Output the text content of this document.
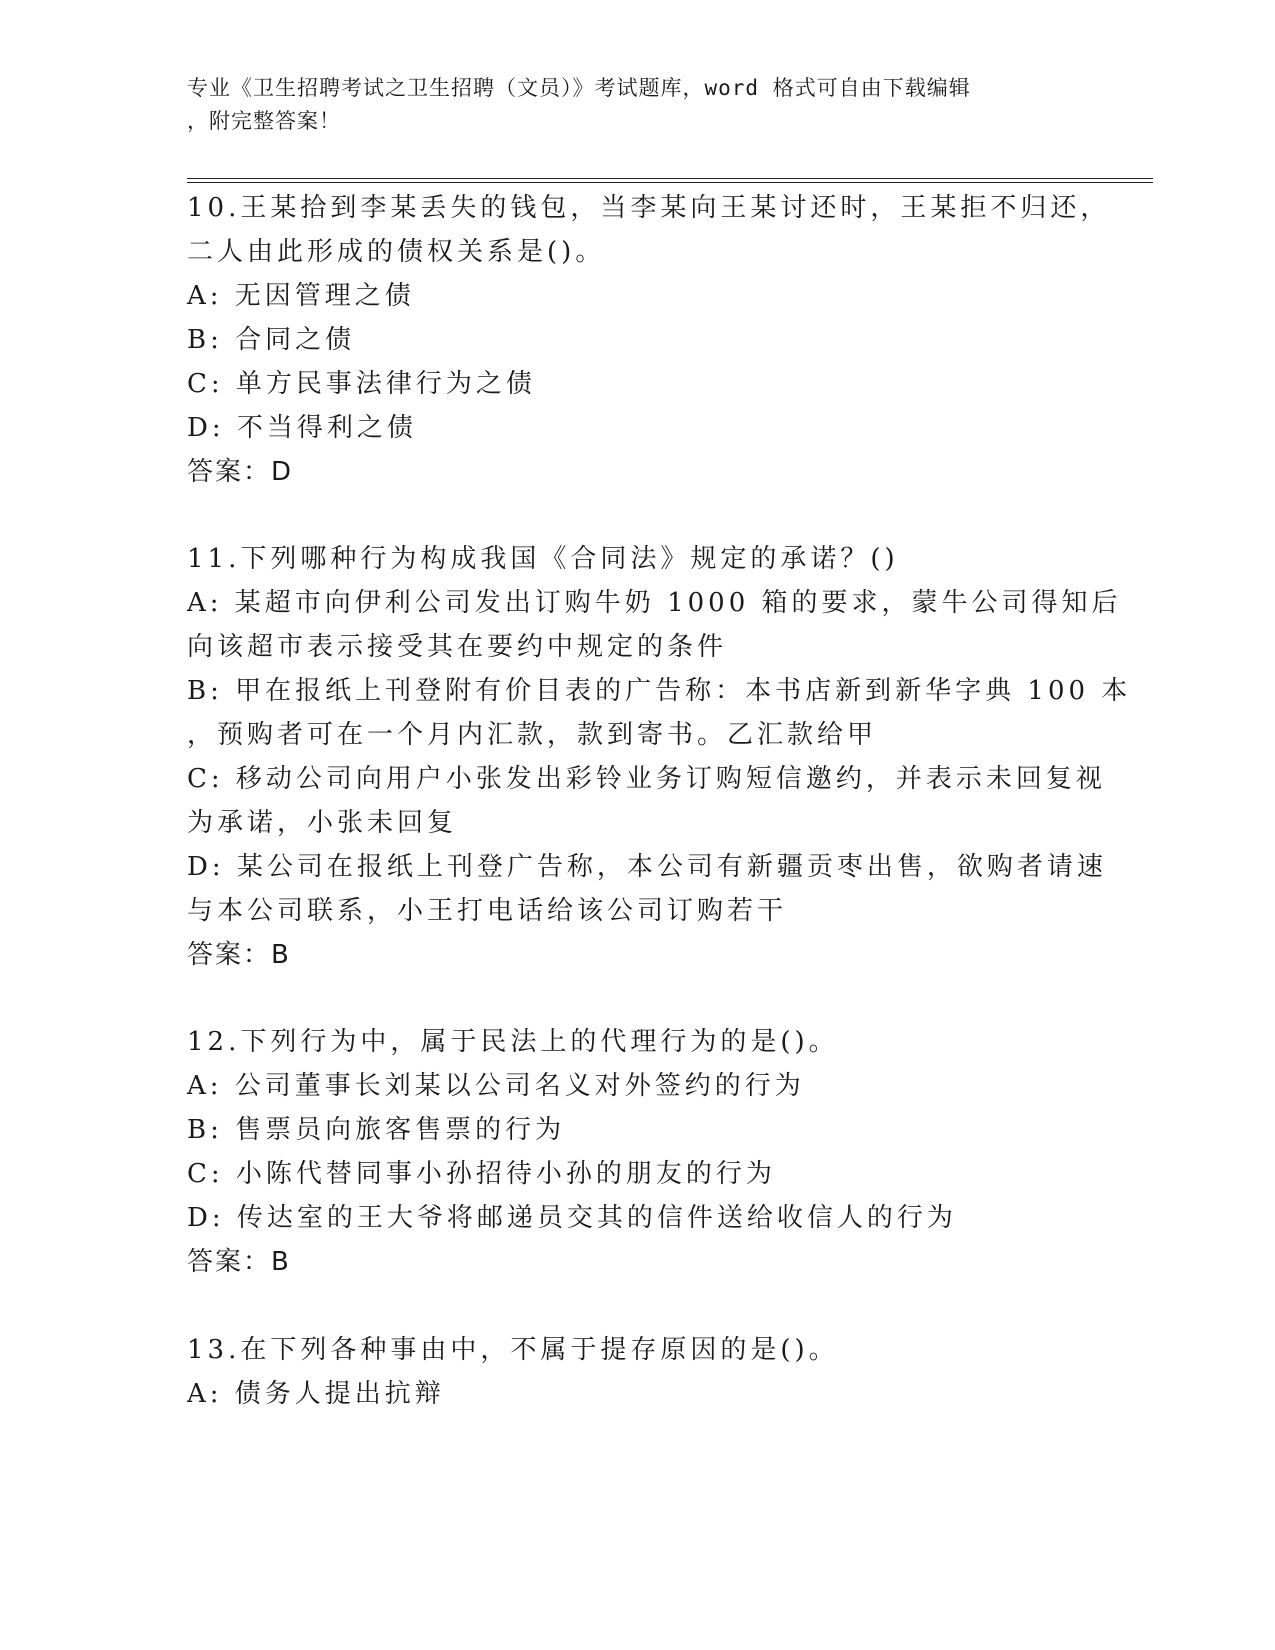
专业《卫生招聘考试之卫生招聘（文员）》考试题库，word 格式可自由下载编辑
，附完整答案！
10.王某拾到李某丢失的钱包，当李某向王某讨还时，王某拒不归还，
二人由此形成的债权关系是()。
A: 无因管理之债
B: 合同之债
C: 单方民事法律行为之债
D: 不当得利之债
答案：D
11.下列哪种行为构成我国《合同法》规定的承诺？()
A: 某超市向伊利公司发出订购牛奶 1000 箱的要求，蒙牛公司得知后
向该超市表示接受其在要约中规定的条件
B: 甲在报纸上刊登附有价目表的广告称：本书店新到新华字典 100 本
，预购者可在一个月内汇款，款到寄书。乙汇款给甲
C: 移动公司向用户小张发出彩铃业务订购短信邀约，并表示未回复视
为承诺，小张未回复
D: 某公司在报纸上刊登广告称，本公司有新疆贡枣出售，欲购者请速
与本公司联系，小王打电话给该公司订购若干
答案：B
12.下列行为中，属于民法上的代理行为的是()。
A: 公司董事长刘某以公司名义对外签约的行为
B: 售票员向旅客售票的行为
C: 小陈代替同事小孙招待小孙的朋友的行为
D: 传达室的王大爷将邮递员交其的信件送给收信人的行为
答案：B
13.在下列各种事由中，不属于提存原因的是()。
A: 债务人提出抗辩
